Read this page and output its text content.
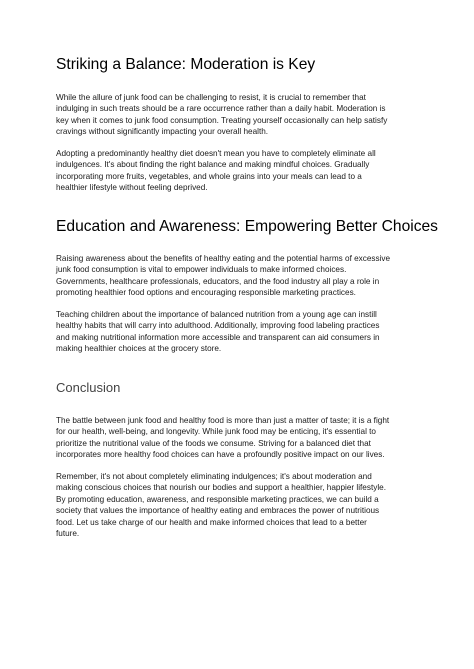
Striking a Balance: Moderation is Key
While the allure of junk food can be challenging to resist, it is crucial to remember that
indulging in such treats should be a rare occurrence rather than a daily habit. Moderation is
key when it comes to junk food consumption. Treating yourself occasionally can help satisfy
cravings without significantly impacting your overall health.
Adopting a predominantly healthy diet doesn't mean you have to completely eliminate all
indulgences. It's about finding the right balance and making mindful choices. Gradually
incorporating more fruits, vegetables, and whole grains into your meals can lead to a
healthier lifestyle without feeling deprived.
Education and Awareness: Empowering Better Choices
Raising awareness about the benefits of healthy eating and the potential harms of excessive
junk food consumption is vital to empower individuals to make informed choices.
Governments, healthcare professionals, educators, and the food industry all play a role in
promoting healthier food options and encouraging responsible marketing practices.
Teaching children about the importance of balanced nutrition from a young age can instill
healthy habits that will carry into adulthood. Additionally, improving food labeling practices
and making nutritional information more accessible and transparent can aid consumers in
making healthier choices at the grocery store.
Conclusion
The battle between junk food and healthy food is more than just a matter of taste; it is a fight
for our health, well-being, and longevity. While junk food may be enticing, it's essential to
prioritize the nutritional value of the foods we consume. Striving for a balanced diet that
incorporates more healthy food choices can have a profoundly positive impact on our lives.
Remember, it's not about completely eliminating indulgences; it's about moderation and
making conscious choices that nourish our bodies and support a healthier, happier lifestyle.
By promoting education, awareness, and responsible marketing practices, we can build a
society that values the importance of healthy eating and embraces the power of nutritious
food. Let us take charge of our health and make informed choices that lead to a better
future.
